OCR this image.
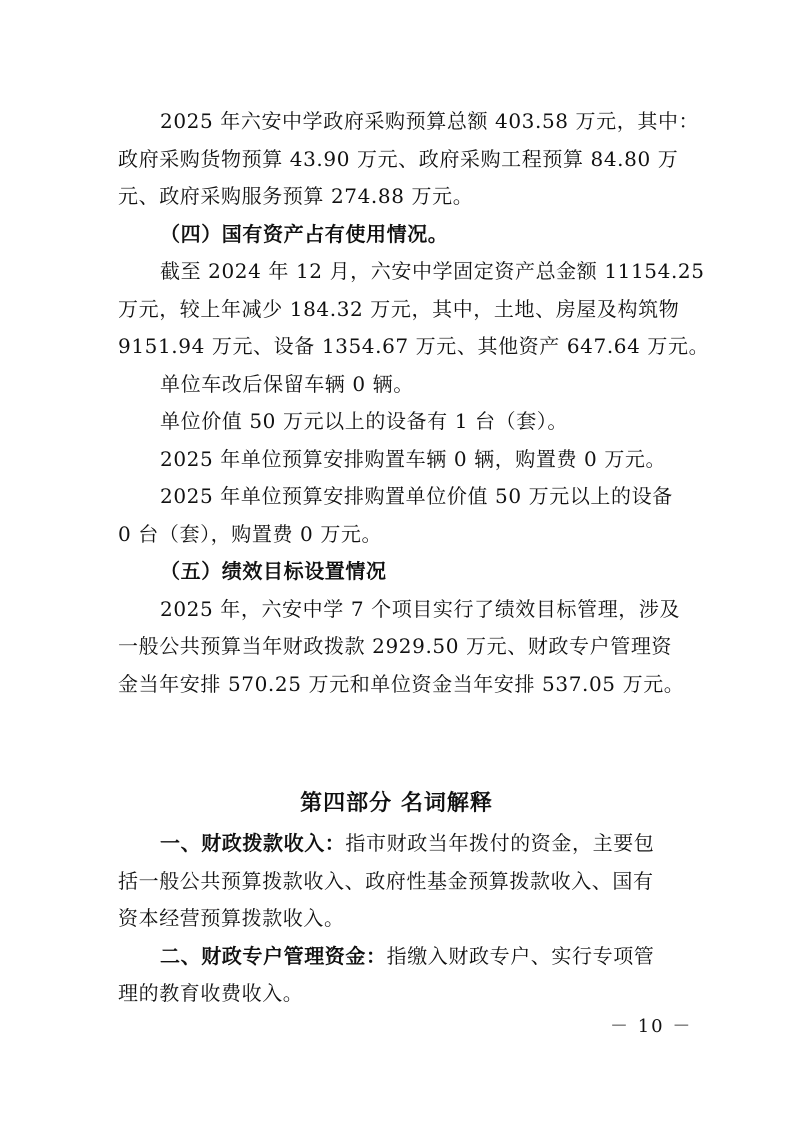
2025 年六安中学政府采购预算总额 403.58 万元，其中：
政府采购货物预算 43.90 万元、政府采购工程预算 84.80 万
元、政府采购服务预算 274.88 万元。
（四）国有资产占有使用情况。
截至 2024 年 12 月，六安中学固定资产总金额 11154.25
万元，较上年减少 184.32 万元，其中，土地、房屋及构筑物
9151.94 万元、设备 1354.67 万元、其他资产 647.64 万元。
单位车改后保留车辆 0 辆。
单位价值 50 万元以上的设备有 1 台（套）。
2025 年单位预算安排购置车辆 0 辆，购置费 0 万元。
2025 年单位预算安排购置单位价值 50 万元以上的设备
0 台（套），购置费 0 万元。
（五）绩效目标设置情况
2025 年，六安中学 7 个项目实行了绩效目标管理，涉及
一般公共预算当年财政拨款 2929.50 万元、财政专户管理资
金当年安排 570.25 万元和单位资金当年安排 537.05 万元。
第四部分 名词解释
一、财政拨款收入：指市财政当年拨付的资金，主要包
括一般公共预算拨款收入、政府性基金预算拨款收入、国有
资本经营预算拨款收入。
二、财政专户管理资金：指缴入财政专户、实行专项管
理的教育收费收入。
－ 10 －
